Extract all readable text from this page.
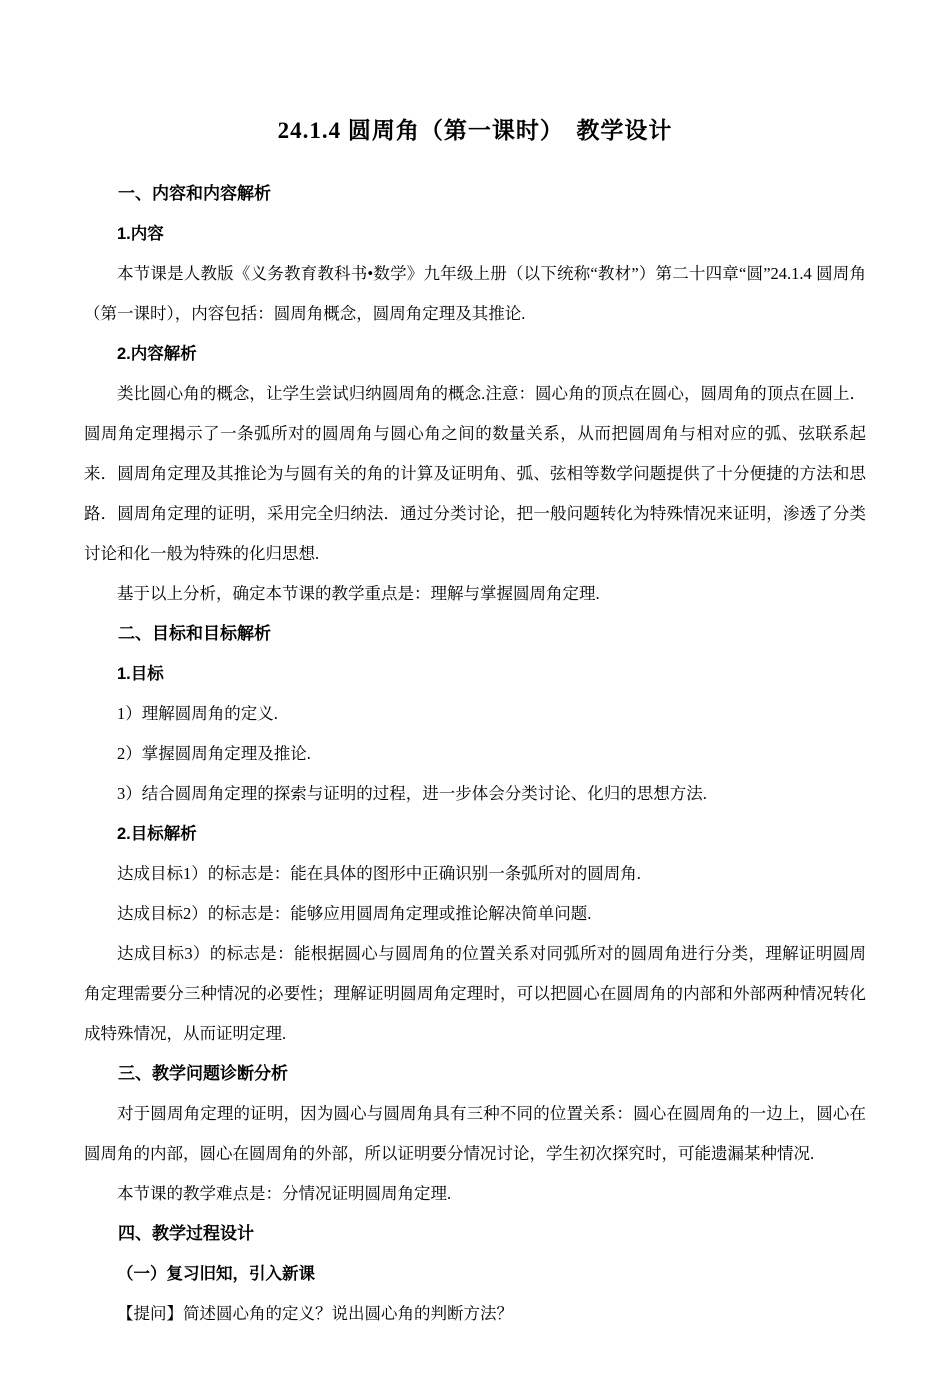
24.1.4 圆周角（第一课时）　教学设计
一、内容和内容解析
1.内容

本节课是人教版《义务教育教科书•数学》九年级上册（以下统称“教材”）第二十四章“圆”24.1.4 圆周角（第一课时），内容包括：圆周角概念，圆周角定理及其推论.

2.内容解析

类比圆心角的概念，让学生尝试归纳圆周角的概念.注意：圆心角的顶点在圆心，圆周角的顶点在圆上．圆周角定理揭示了一条弧所对的圆周角与圆心角之间的数量关系，从而把圆周角与相对应的弧、弦联系起来．圆周角定理及其推论为与圆有关的角的计算及证明角、弧、弦相等数学问题提供了十分便捷的方法和思路．圆周角定理的证明，采用完全归纳法．通过分类讨论，把一般问题转化为特殊情况来证明，渗透了分类讨论和化一般为特殊的化归思想.

基于以上分析，确定本节课的教学重点是：理解与掌握圆周角定理.

二、目标和目标解析
1.目标

1）理解圆周角的定义.

2）掌握圆周角定理及推论.

3）结合圆周角定理的探索与证明的过程，进一步体会分类讨论、化归的思想方法.

2.目标解析

达成目标1）的标志是：能在具体的图形中正确识别一条弧所对的圆周角.

达成目标2）的标志是：能够应用圆周角定理或推论解决简单问题.

达成目标3）的标志是：能根据圆心与圆周角的位置关系对同弧所对的圆周角进行分类，理解证明圆周角定理需要分三种情况的必要性；理解证明圆周角定理时，可以把圆心在圆周角的内部和外部两种情况转化成特殊情况，从而证明定理.

三、教学问题诊断分析

对于圆周角定理的证明，因为圆心与圆周角具有三种不同的位置关系：圆心在圆周角的一边上，圆心在圆周角的内部，圆心在圆周角的外部，所以证明要分情况讨论，学生初次探究时，可能遗漏某种情况.

本节课的教学难点是：分情况证明圆周角定理.

四、教学过程设计
（一）复习旧知，引入新课

【提问】简述圆心角的定义？说出圆心角的判断方法？
